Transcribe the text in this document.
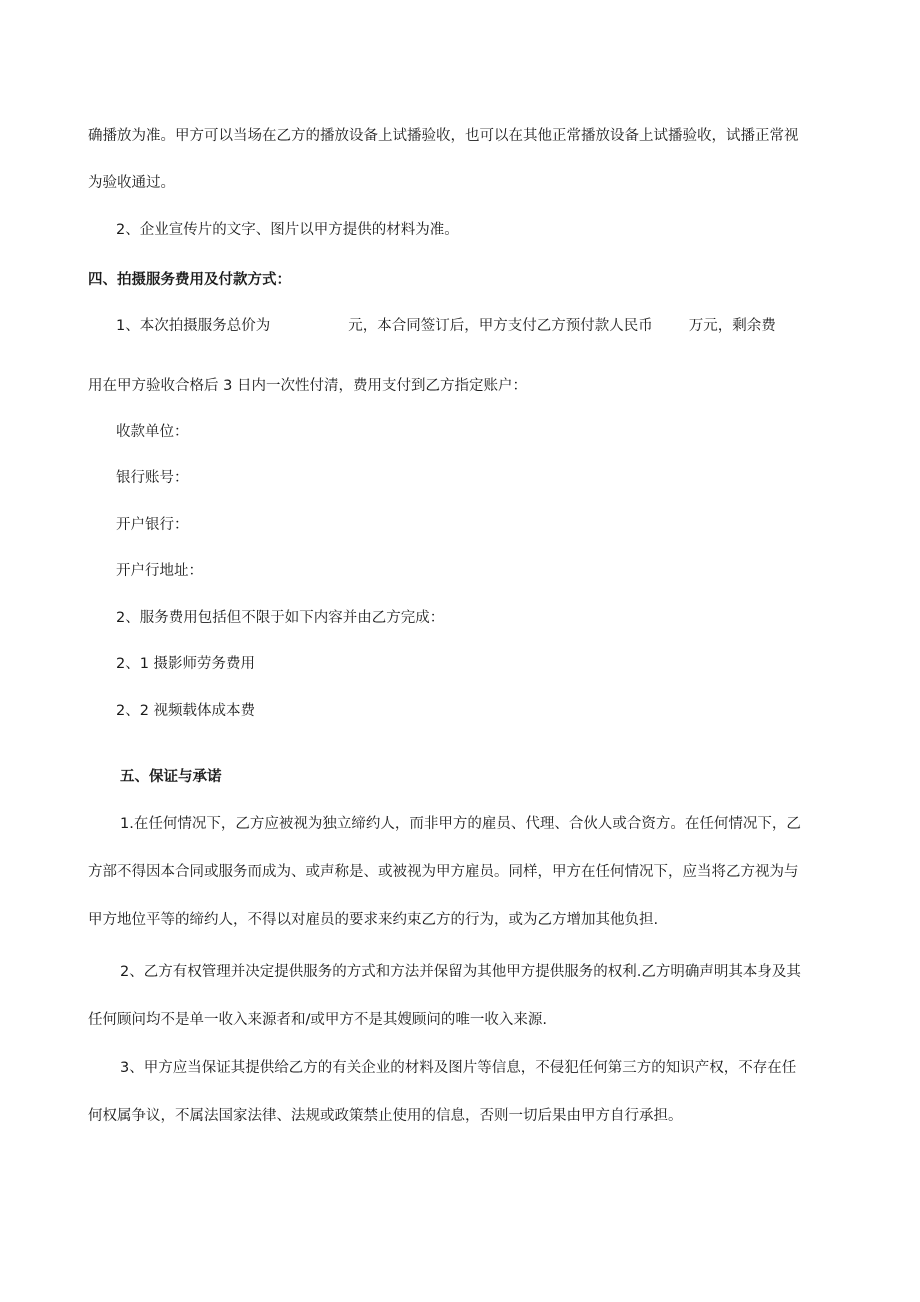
确播放为准。甲方可以当场在乙方的播放设备上试播验收，也可以在其他正常播放设备上试播验收，试播正常视
为验收通过。
2、企业宣传片的文字、图片以甲方提供的材料为准。
四、拍摄服务费用及付款方式：
1、本次拍摄服务总价为	元，本合同签订后，甲方支付乙方预付款人民币 万元，剩余费
用在甲方验收合格后 3 日内一次性付清，费用支付到乙方指定账户：
收款单位：
银行账号：
开户银行：
开户行地址：
2、服务费用包括但不限于如下内容并由乙方完成：
2、1 摄影师劳务费用
2、2 视频载体成本费
五、保证与承诺
1.在任何情况下，乙方应被视为独立缔约人，而非甲方的雇员、代理、合伙人或合资方。在任何情况下，乙
方部不得因本合同或服务而成为、或声称是、或被视为甲方雇员。同样，甲方在任何情况下，应当将乙方视为与
甲方地位平等的缔约人，不得以对雇员的要求来约束乙方的行为，或为乙方增加其他负担.
2、乙方有权管理并决定提供服务的方式和方法并保留为其他甲方提供服务的权利.乙方明确声明其本身及其
任何顾问均不是单一收入来源者和/或甲方不是其嫂顾问的唯一收入来源.
3、甲方应当保证其提供给乙方的有关企业的材料及图片等信息，不侵犯任何第三方的知识产权，不存在任
何权属争议，不属法国家法律、法规或政策禁止使用的信息，否则一切后果由甲方自行承担。
